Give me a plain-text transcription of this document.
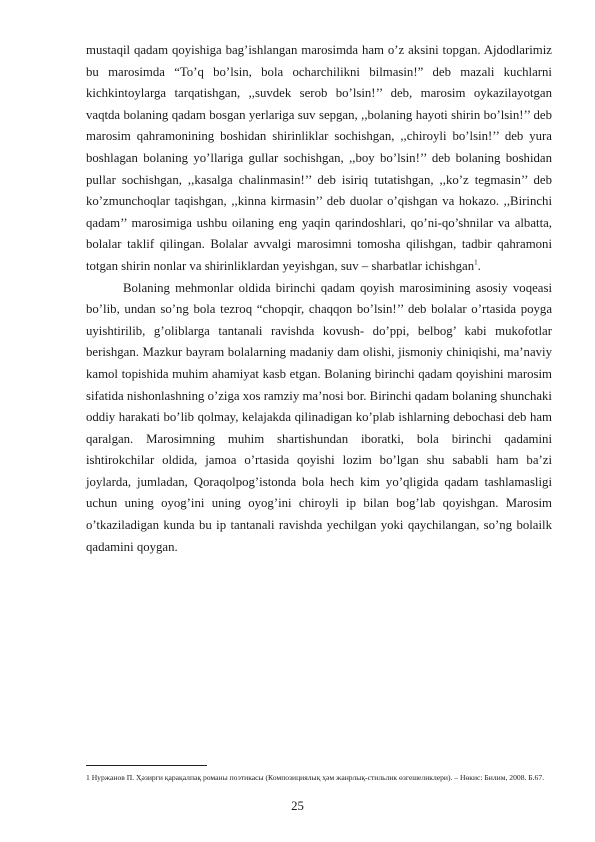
mustaqil qadam qoyishiga bag’ishlangan marosimda ham o’z aksini topgan. Ajdodlarimiz bu marosimda “To’q bo’lsin, bola ocharchilikni bilmasin!” deb mazali kuchlarni kichkintoylarga tarqatishgan, ,,suvdek serob bo’lsin!’’ deb, marosim oykazilayotgan vaqtda bolaning qadam bosgan yerlariga suv sepgan, ,,bolaning hayoti shirin bo’lsin!’’ deb marosim qahramonining boshidan shirinliklar sochishgan, ,,chiroyli bo’lsin!’’ deb yura boshlagan bolaning yo’llariga gullar sochishgan, ,,boy bo’lsin!’’ deb bolaning boshidan pullar sochishgan, ,,kasalga chalinmasin!’’ deb isiriq tutatishgan, ,,ko’z tegmasin’’ deb ko’zmunchoqlar taqishgan, ,,kinna kirmasin’’ deb duolar o’qishgan va hokazo. ,,Birinchi qadam’’ marosimiga ushbu oilaning eng yaqin qarindoshlari, qo’ni-qo’shnilar va albatta, bolalar taklif qilingan. Bolalar avvalgi marosimni tomosha qilishgan, tadbir qahramoni totgan shirin nonlar va shirinliklardan yeyishgan, suv – sharbatlar ichishgan$^1$.

Bolaning mehmonlar oldida birinchi qadam qoyish marosimining asosiy voqeasi bo’lib, undan so’ng bola tezroq “chopqir, chaqqon bo’lsin!’’ deb bolalar o’rtasida poyga uyishtirilib, g’oliblarga tantanali ravishda kovush- do’ppi, belbog’ kabi mukofotlar berishgan. Mazkur bayram bolalarning madaniy dam olishi, jismoniy chiniqishi, ma’naviy kamol topishida muhim ahamiyat kasb etgan. Bolaning birinchi qadam qoyishini marosim sifatida nishonlashning o’ziga xos ramziy ma’nosi bor. Birinchi qadam bolaning shunchaki oddiy harakati bo’lib qolmay, kelajakda qilinadigan ko’plab ishlarning debochasi deb ham qaralgan. Marosimning muhim shartishundan iboratki, bola birinchi qadamini ishtirokchilar oldida, jamoa o’rtasida qoyishi lozim bo’lgan shu sababli ham ba’zi joylarda, jumladan, Qoraqolpog’istonda bola hech kim yo’qligida qadam tashlamasligi uchun uning oyog’ini uning oyog’ini chiroyli ip bilan bog’lab qoyishgan. Marosim o’tkaziladigan kunda bu ip tantanali ravishda yechilgan yoki qaychilangan, so’ng bolailk qadamini qoygan.

1 Нуржанов П. Ҳәзирги қарақалпақ романы поэтикасы (Композициялық ҳәм жанрлық-стильлик өзгешеликлери). – Нөкис: Билим, 2008. Б.67.

25
